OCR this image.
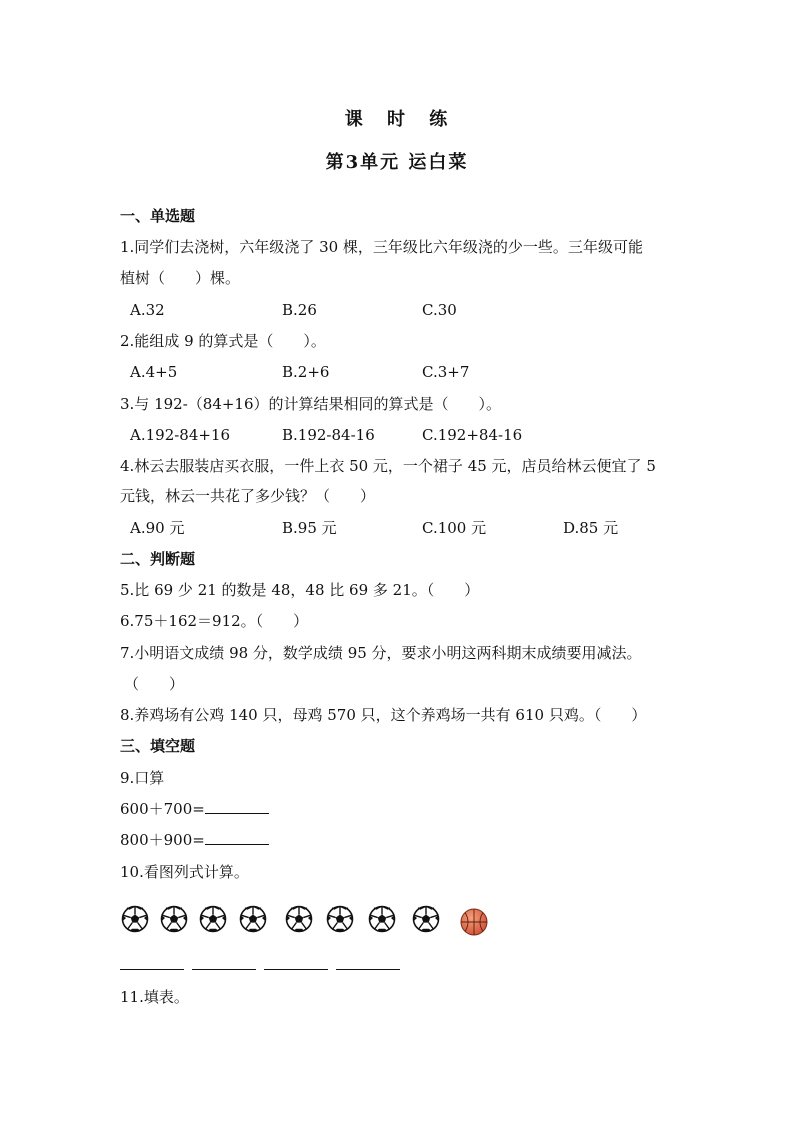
课 时 练
第3单元 运白菜
一、单选题
1.同学们去浇树，六年级浇了 30 棵，三年级比六年级浇的少一些。三年级可能
植树（　　）棵。
A.32	B.26	C.30
2.能组成 9 的算式是（　　）。
A.4+5	B.2+6	C.3+7
3.与 192-（84+16）的计算结果相同的算式是（　　）。
A.192-84+16	B.192-84-16	C.192+84-16
4.林云去服装店买衣服，一件上衣 50 元，一个裙子 45 元，店员给林云便宜了 5
元钱，林云一共花了多少钱？（　　）
A.90 元	B.95 元	C.100 元	D.85 元
二、判断题
5.比 69 少 21 的数是 48，48 比 69 多 21。（　　）
6.75＋162＝912。（　　）
7.小明语文成绩 98 分，数学成绩 95 分，要求小明这两科期末成绩要用减法。
（　　）
8.养鸡场有公鸡 140 只，母鸡 570 只，这个养鸡场一共有 610 只鸡。（　　）
三、填空题
9.口算
600＋700=
800＋900=
10.看图列式计算。
11.填表。
